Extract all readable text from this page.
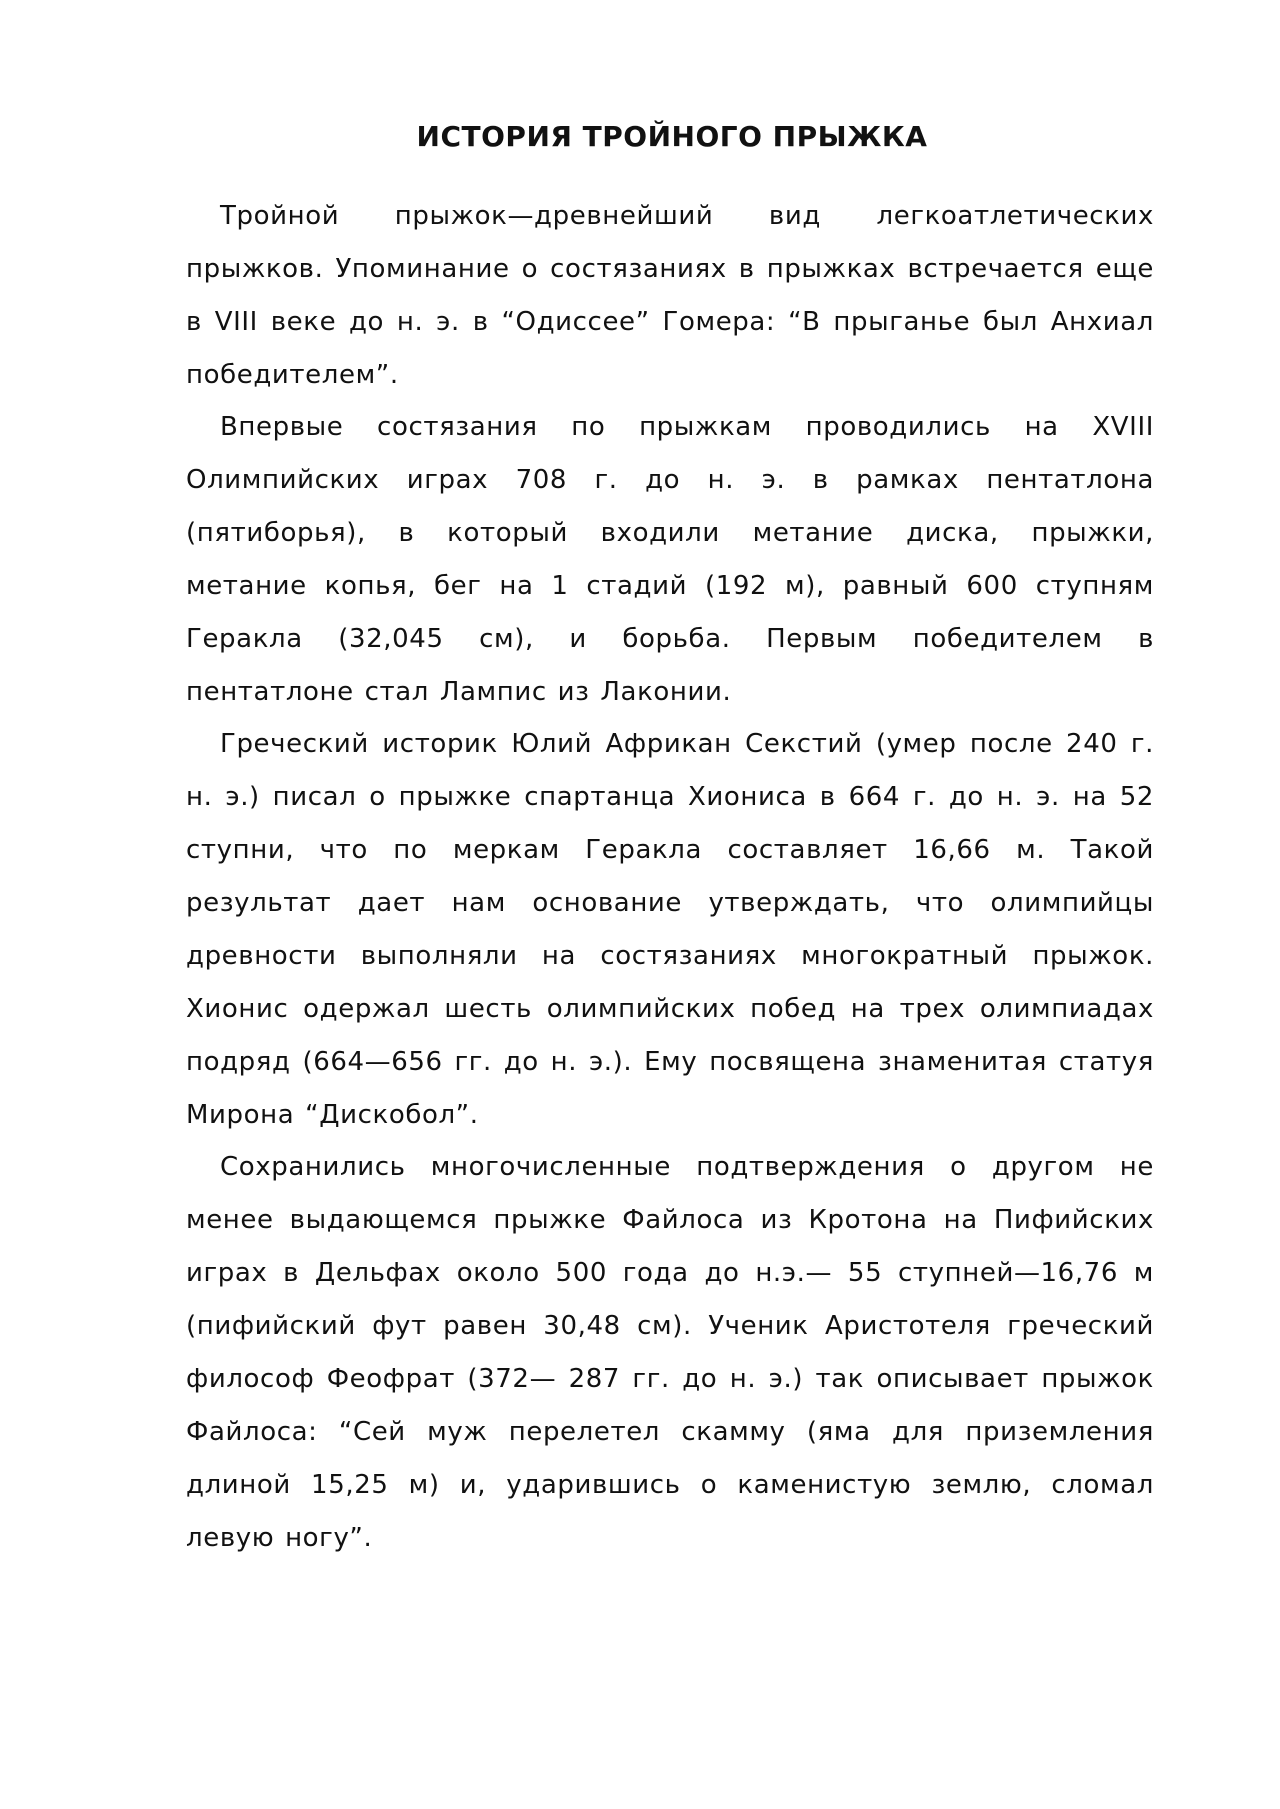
ИСТОРИЯ ТРОЙНОГО ПРЫЖКА

Тройной прыжок—древнейший вид легкоатлетических прыжков. Упоминание о состязаниях в прыжках встречается еще в VIII веке до н. э. в “Одиссее” Гомера: “В прыганье был Анхиал победителем”.

Впервые состязания по прыжкам проводились на XVIII Олимпийских играх 708 г. до н. э. в рамках пентатлона (пятиборья), в который входили метание диска, прыжки, метание копья, бег на 1 стадий (192 м), равный 600 ступням Геракла (32,045 см), и борьба. Первым победителем в пентатлоне стал Лампис из Лаконии.

Греческий историк Юлий Африкан Секстий (умер после 240 г. н. э.) писал о прыжке спартанца Хиониса в 664 г. до н. э. на 52 ступни, что по меркам Геракла составляет 16,66 м. Такой результат дает нам основание утверждать, что олимпийцы древности выполняли на состязаниях многократный прыжок. Хионис одержал шесть олимпийских побед на трех олимпиадах подряд (664—656 гг. до н. э.). Ему посвящена знаменитая статуя Мирона “Дискобол”.

Сохранились многочисленные подтверждения о другом не менее выдающемся прыжке Файлоса из Кротона на Пифийских играх в Дельфах около 500 года до н.э.— 55 ступней—16,76 м (пифийский фут равен 30,48 см). Ученик Аристотеля греческий философ Феофрат (372— 287 гг. до н. э.) так описывает прыжок Файлоса: “Сей муж перелетел скамму (яма для приземления длиной 15,25 м) и, ударившись о каменистую землю, сломал левую ногу”.
